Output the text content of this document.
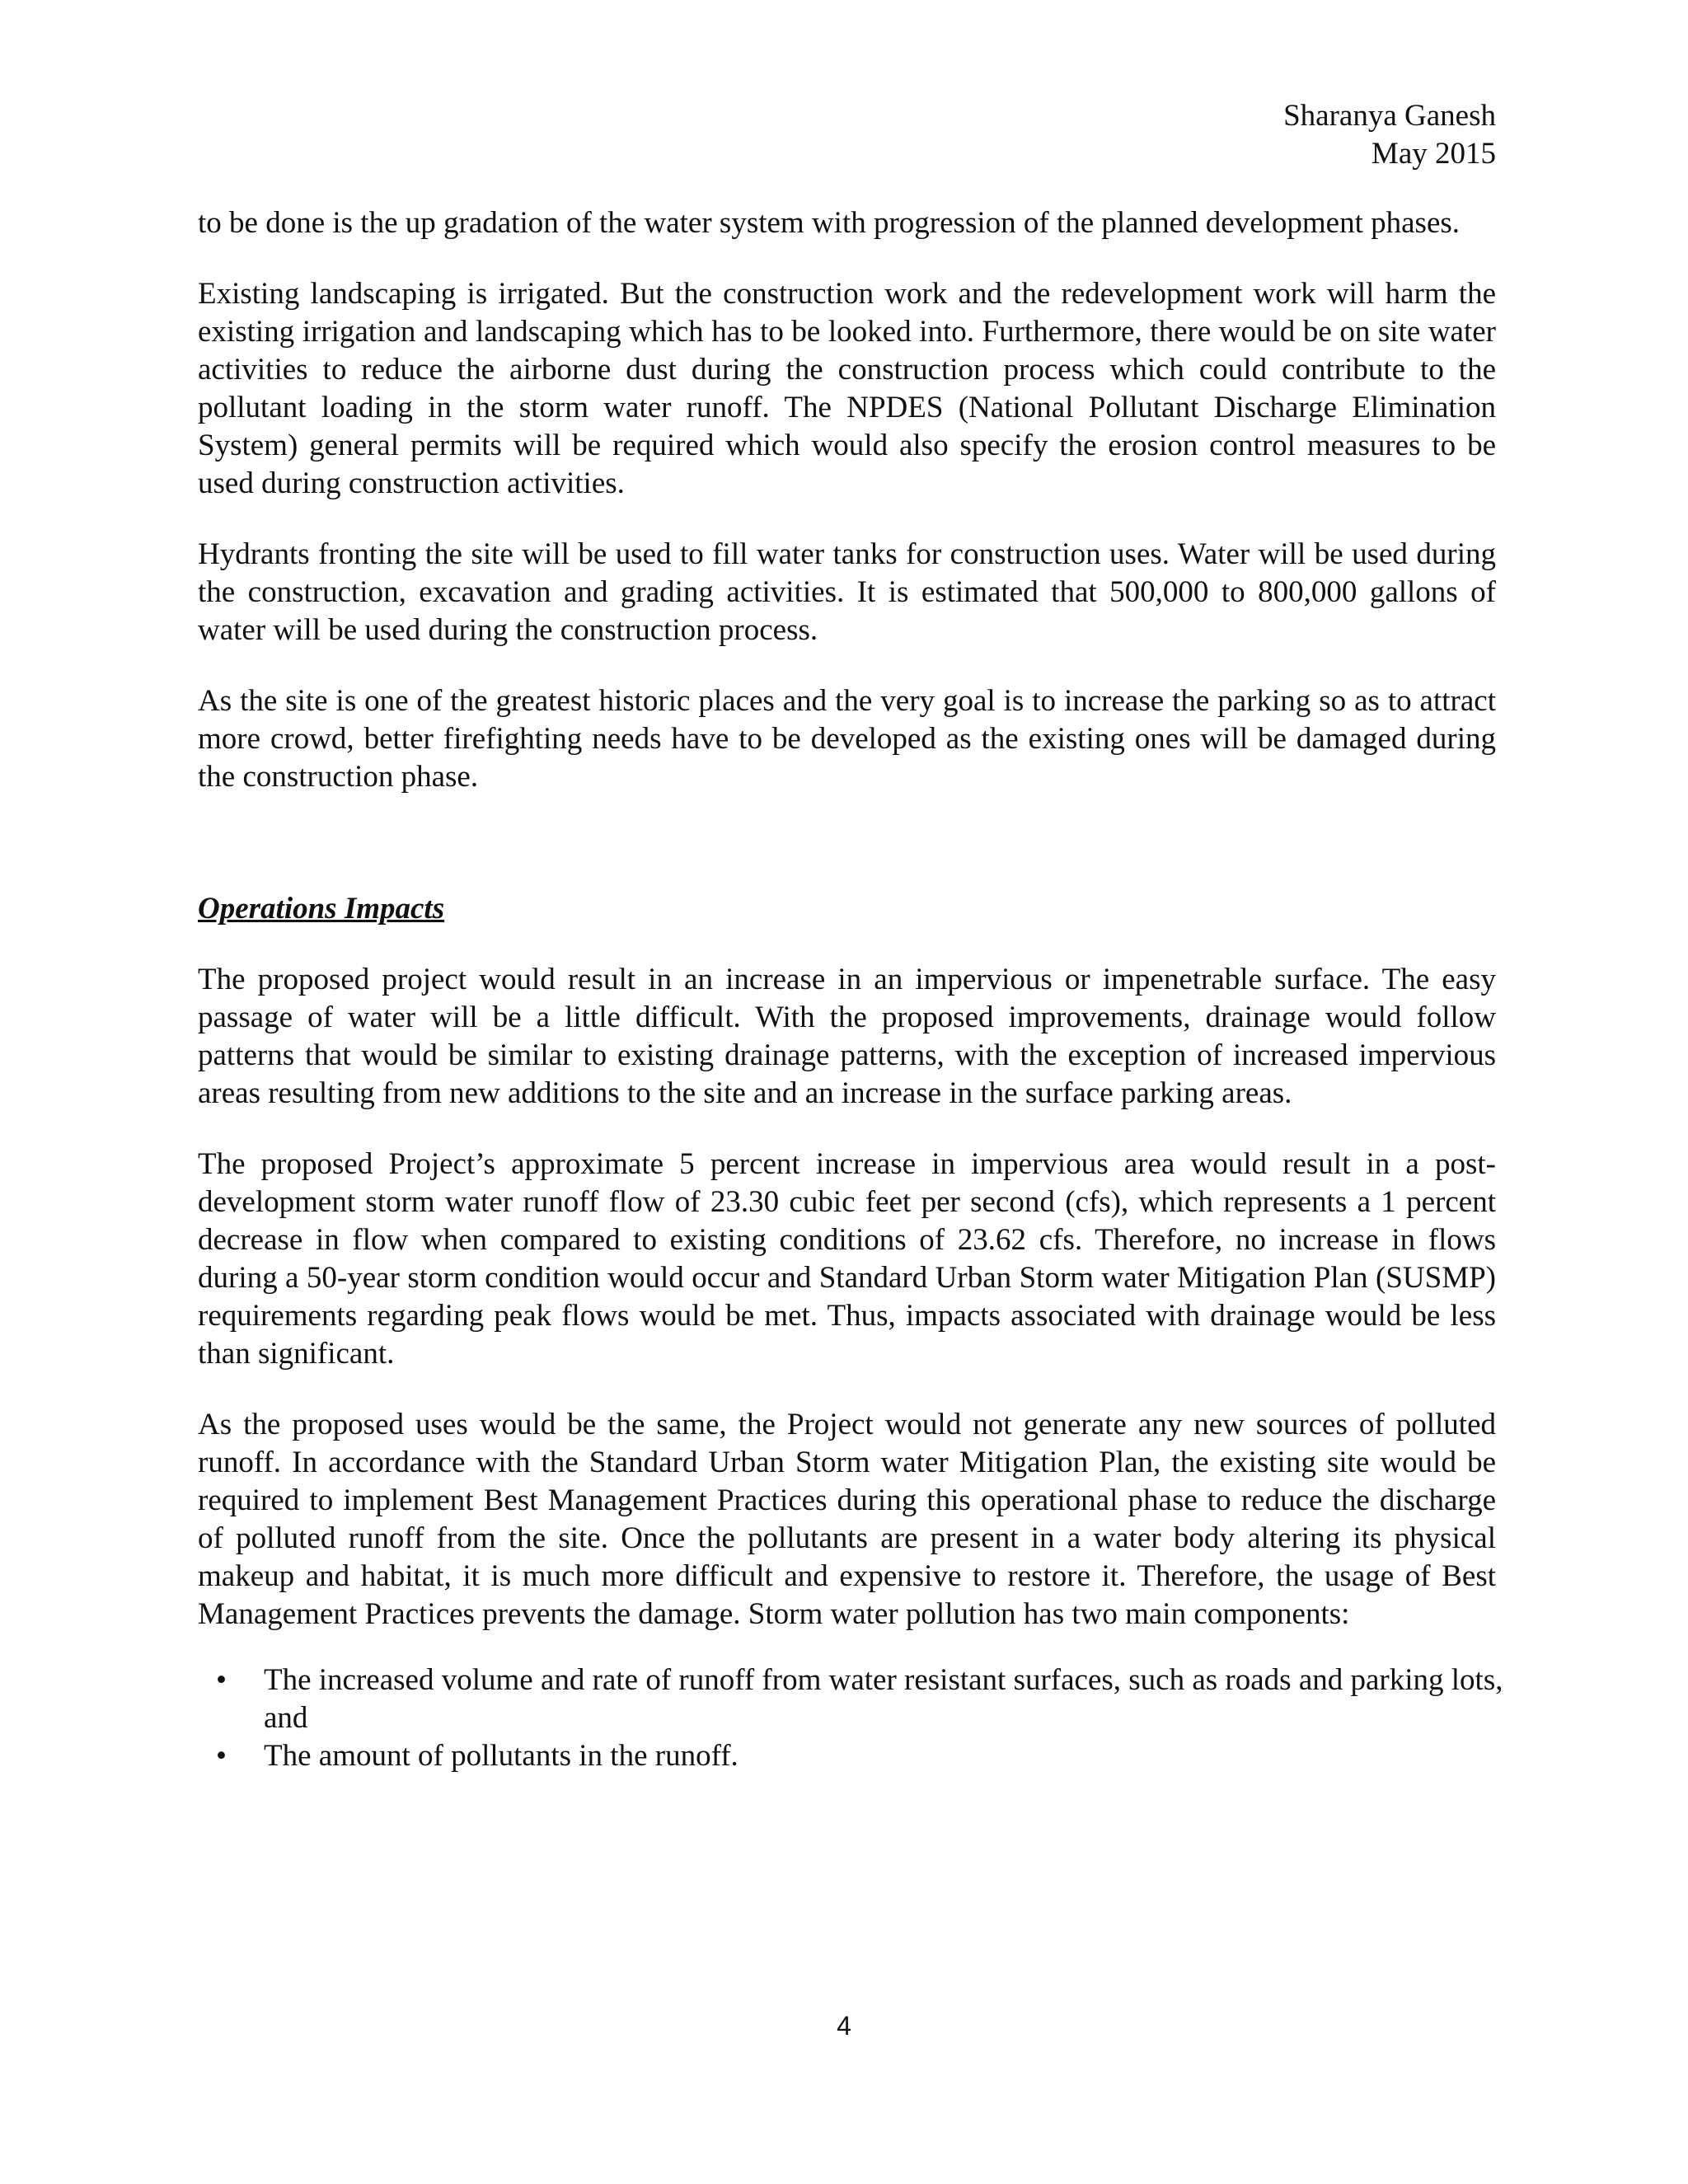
Sharanya Ganesh
May 2015

to be done is the up gradation of the water system with progression of the planned development phases.

Existing landscaping is irrigated. But the construction work and the redevelopment work will harm the existing irrigation and landscaping which has to be looked into. Furthermore, there would be on site water activities to reduce the airborne dust during the construction process which could contribute to the pollutant loading in the storm water runoff. The NPDES (National Pollutant Discharge Elimination System) general permits will be required which would also specify the erosion control measures to be used during construction activities.

Hydrants fronting the site will be used to fill water tanks for construction uses. Water will be used during the construction, excavation and grading activities. It is estimated that 500,000 to 800,000 gallons of water will be used during the construction process.

As the site is one of the greatest historic places and the very goal is to increase the parking so as to attract more crowd, better firefighting needs have to be developed as the existing ones will be damaged during the construction phase.

Operations Impacts

The proposed project would result in an increase in an impervious or impenetrable surface. The easy passage of water will be a little difficult. With the proposed improvements, drainage would follow patterns that would be similar to existing drainage patterns, with the exception of increased impervious areas resulting from new additions to the site and an increase in the surface parking areas.

The proposed Project’s approximate 5 percent increase in impervious area would result in a post-development storm water runoff flow of 23.30 cubic feet per second (cfs), which represents a 1 percent decrease in flow when compared to existing conditions of 23.62 cfs. Therefore, no increase in flows during a 50-year storm condition would occur and Standard Urban Storm water Mitigation Plan (SUSMP) requirements regarding peak flows would be met. Thus, impacts associated with drainage would be less than significant.

As the proposed uses would be the same, the Project would not generate any new sources of polluted runoff. In accordance with the Standard Urban Storm water Mitigation Plan, the existing site would be required to implement Best Management Practices during this operational phase to reduce the discharge of polluted runoff from the site. Once the pollutants are present in a water body altering its physical makeup and habitat, it is much more difficult and expensive to restore it. Therefore, the usage of Best Management Practices prevents the damage. Storm water pollution has two main components:

• The increased volume and rate of runoff from water resistant surfaces, such as roads and parking lots, and
• The amount of pollutants in the runoff.
4
